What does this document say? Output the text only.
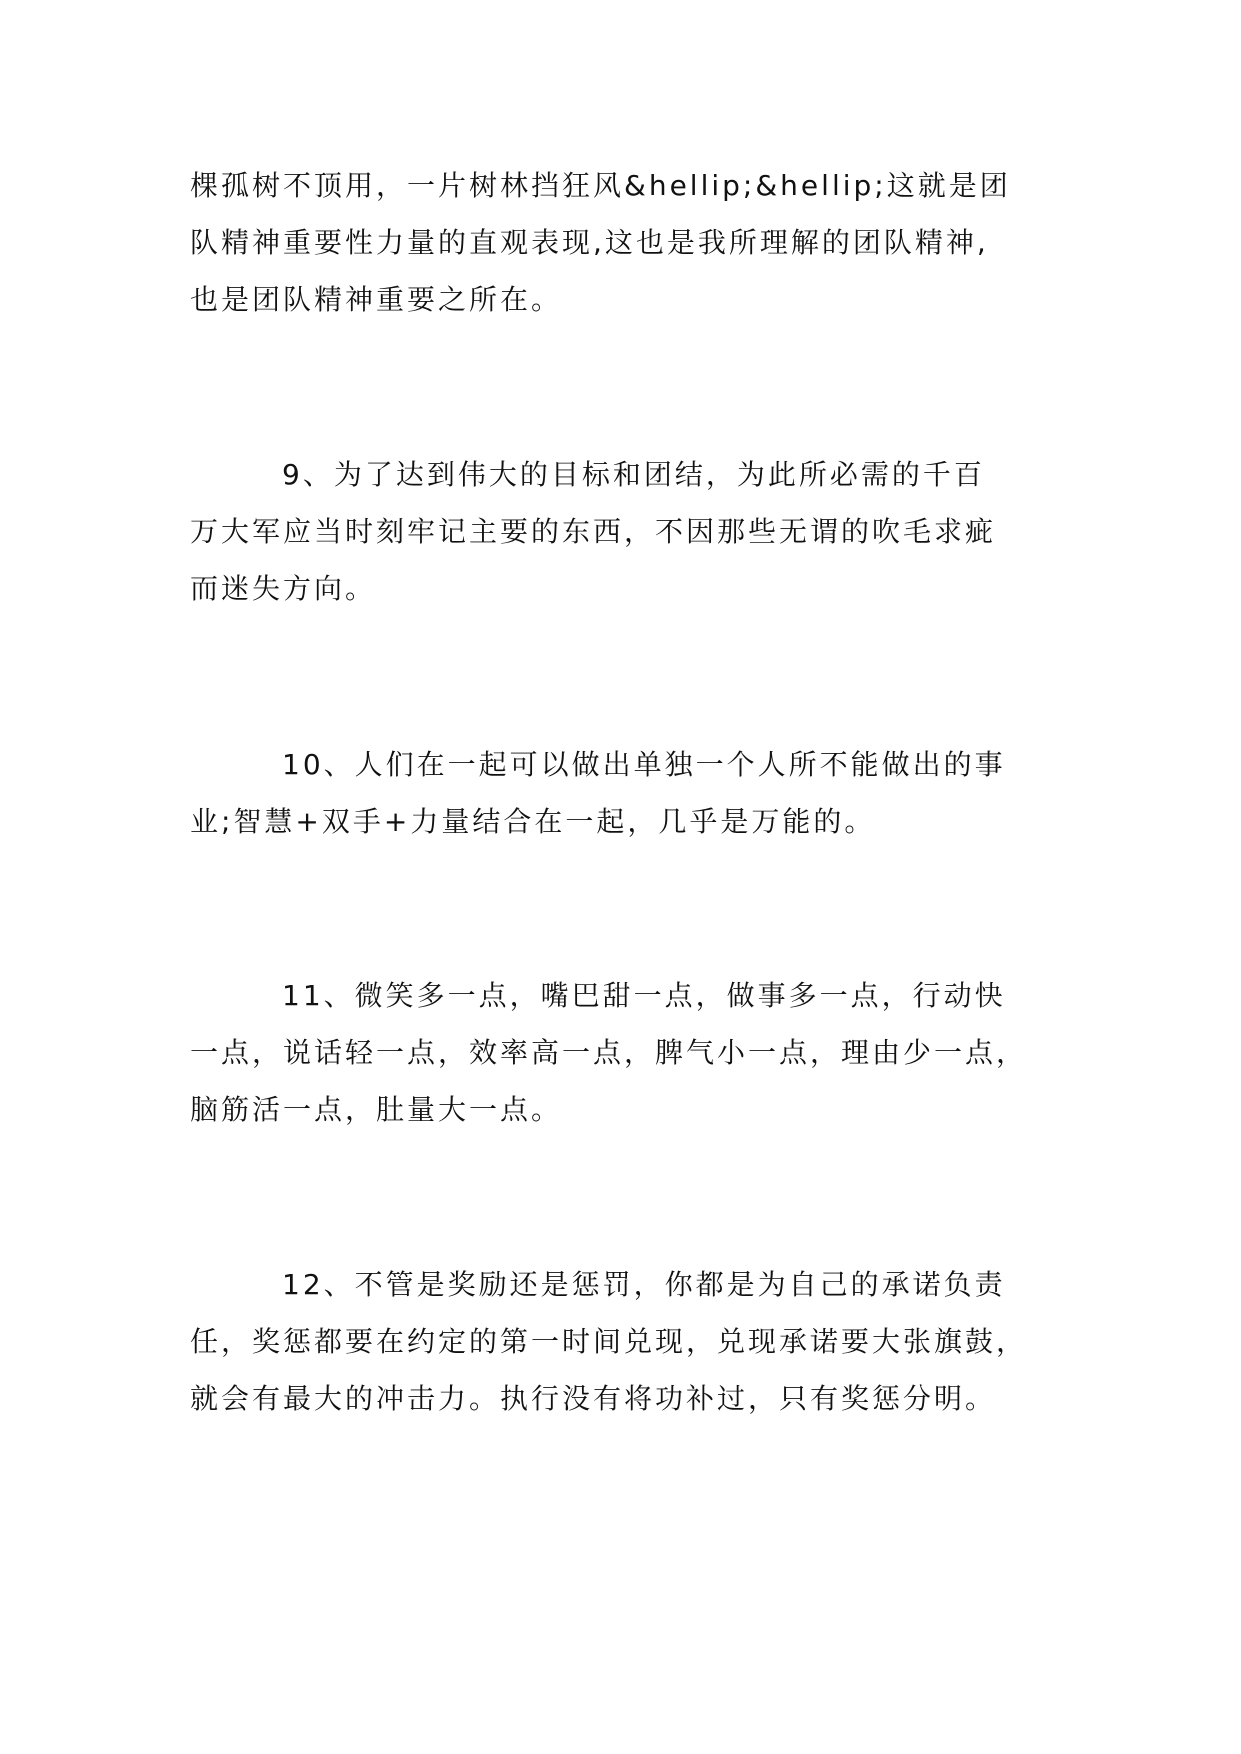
棵孤树不顶用，一片树林挡狂风&hellip;&hellip;这就是团
队精神重要性力量的直观表现,这也是我所理解的团队精神,
也是团队精神重要之所在。
9、为了达到伟大的目标和团结，为此所必需的千百
万大军应当时刻牢记主要的东西，不因那些无谓的吹毛求疵
而迷失方向。
10、人们在一起可以做出单独一个人所不能做出的事
业;智慧+双手+力量结合在一起，几乎是万能的。
11、微笑多一点，嘴巴甜一点，做事多一点，行动快
一点，说话轻一点，效率高一点，脾气小一点，理由少一点，
脑筋活一点，肚量大一点。
12、不管是奖励还是惩罚，你都是为自己的承诺负责
任，奖惩都要在约定的第一时间兑现，兑现承诺要大张旗鼓，
就会有最大的冲击力。执行没有将功补过，只有奖惩分明。
